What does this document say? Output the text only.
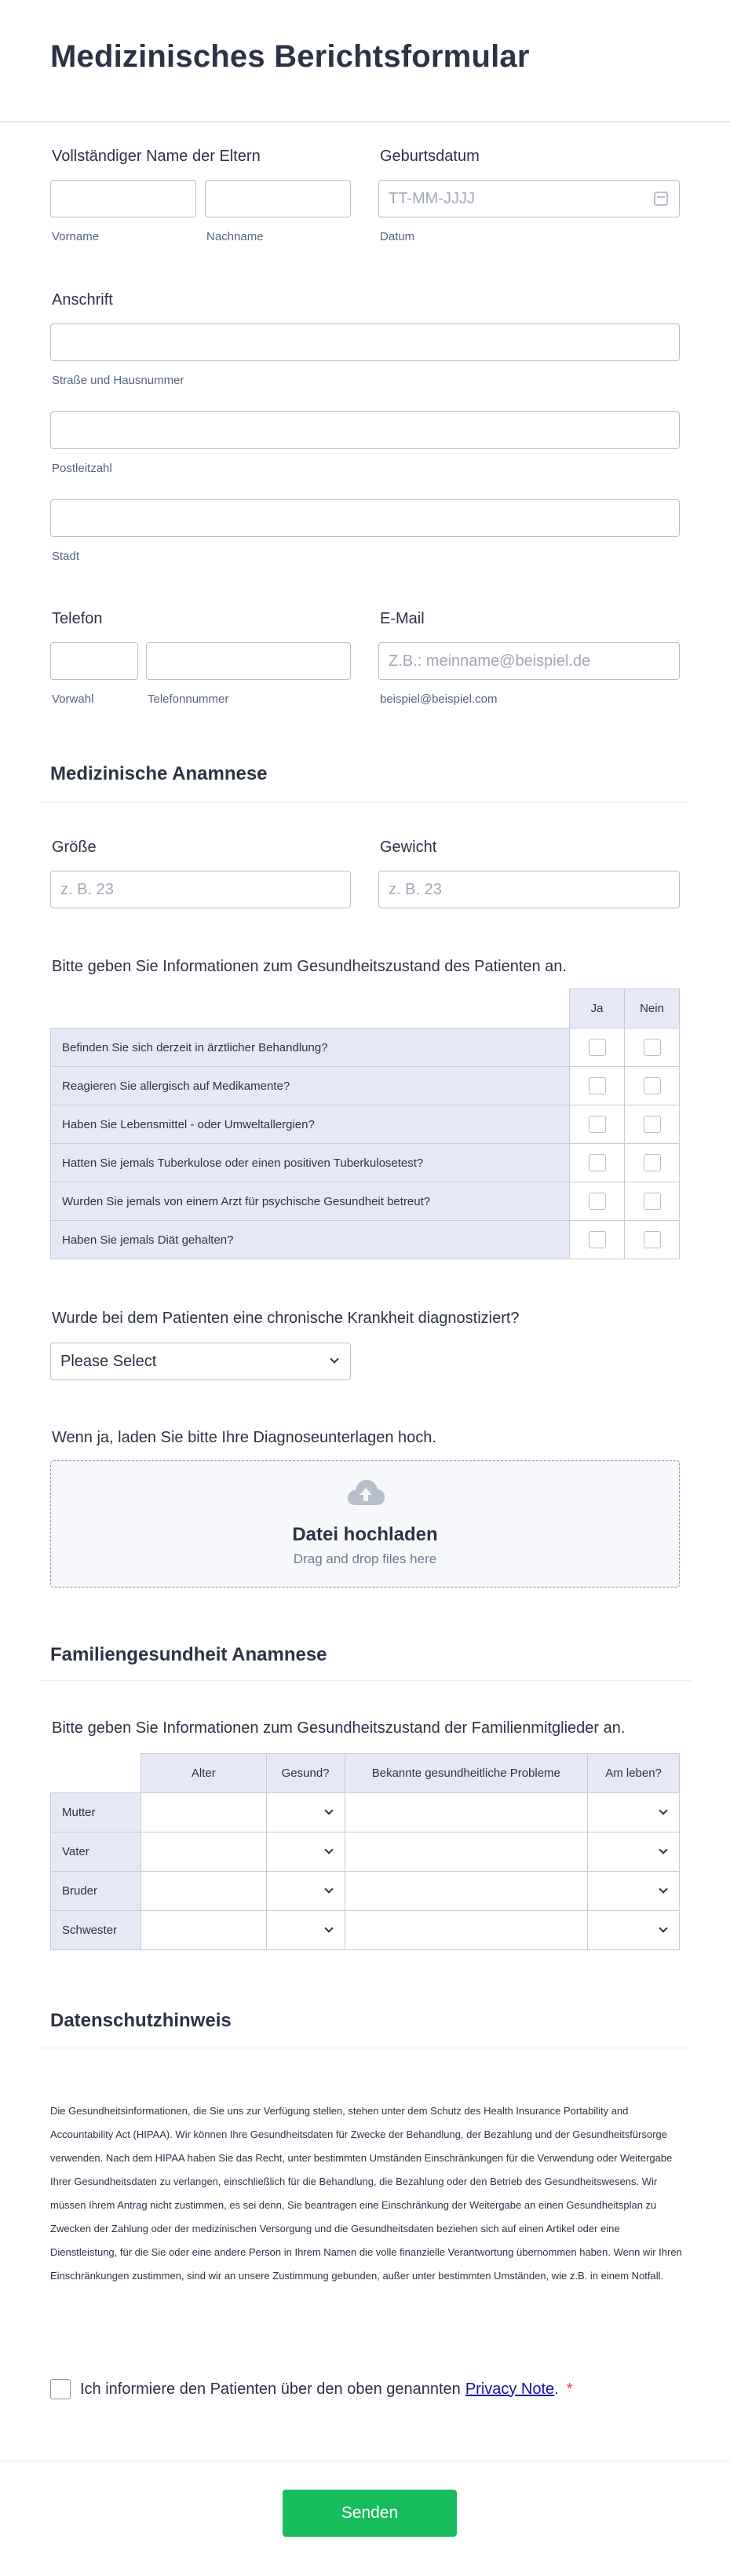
Medizinisches Berichtsformular
Vollständiger Name der Eltern
Vorname	Nachname
Geburtsdatum
TT-MM-JJJJ
Datum
Anschrift
Straße und Hausnummer
Postleitzahl
Stadt
Telefon
Vorwahl	Telefonnummer
E-Mail
Z.B.: meinname@beispiel.de
beispiel@beispiel.com
Medizinische Anamnese
Größe
z. B. 23
Gewicht
z. B. 23
Bitte geben Sie Informationen zum Gesundheitszustand des Patienten an.
	Ja	Nein
Befinden Sie sich derzeit in ärztlicher Behandlung?		
Reagieren Sie allergisch auf Medikamente?		
Haben Sie Lebensmittel - oder Umweltallergien?		
Hatten Sie jemals Tuberkulose oder einen positiven Tuberkulosetest?		
Wurden Sie jemals von einem Arzt für psychische Gesundheit betreut?		
Haben Sie jemals Diät gehalten?		
Wurde bei dem Patienten eine chronische Krankheit diagnostiziert?
Please Select
Wenn ja, laden Sie bitte Ihre Diagnoseunterlagen hoch.
Datei hochladen
Drag and drop files here
Familiengesundheit Anamnese
Bitte geben Sie Informationen zum Gesundheitszustand der Familienmitglieder an.
	Alter	Gesund?	Bekannte gesundheitliche Probleme	Am leben?
Mutter		

Vater		

Bruder		

Schwester		

Datenschutzhinweis
Die Gesundheitsinformationen, die Sie uns zur Verfügung stellen, stehen unter dem Schutz des Health Insurance Portability and Accountability Act (HIPAA). Wir können Ihre Gesundheitsdaten für Zwecke der Behandlung, der Bezahlung und der Gesundheitsfürsorge verwenden. Nach dem HIPAA haben Sie das Recht, unter bestimmten Umständen Einschränkungen für die Verwendung oder Weitergabe Ihrer Gesundheitsdaten zu verlangen, einschließlich für die Behandlung, die Bezahlung oder den Betrieb des Gesundheitswesens. Wir müssen Ihrem Antrag nicht zustimmen, es sei denn, Sie beantragen eine Einschränkung der Weitergabe an einen Gesundheitsplan zu Zwecken der Zahlung oder der medizinischen Versorgung und die Gesundheitsdaten beziehen sich auf einen Artikel oder eine Dienstleistung, für die Sie oder eine andere Person in Ihrem Namen die volle finanzielle Verantwortung übernommen haben. Wenn wir Ihren Einschränkungen zustimmen, sind wir an unsere Zustimmung gebunden, außer unter bestimmten Umständen, wie z.B. in einem Notfall.
Ich informiere den Patienten über den oben genannten Privacy Note . *
Senden
